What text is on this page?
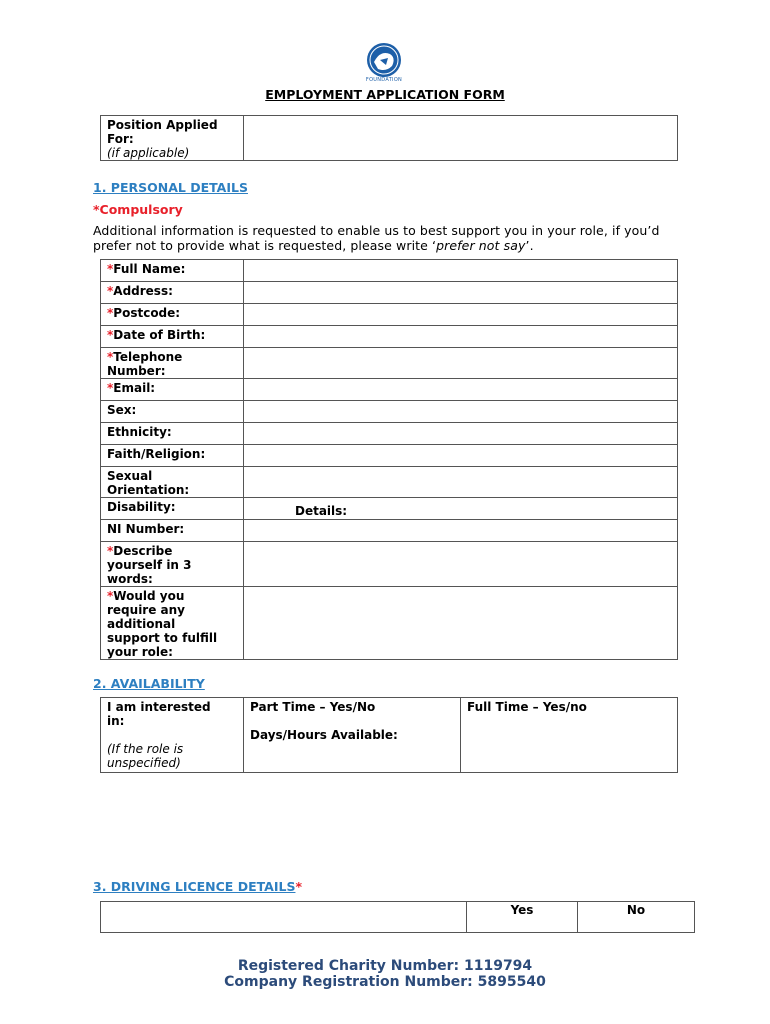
FOUNDATION
EMPLOYMENT APPLICATION FORM
Position Applied For:
(if applicable)

1. PERSONAL DETAILS
*Compulsory
Additional information is requested to enable us to best support you in your role, if you’d prefer not to provide what is requested, please write ‘prefer not say’.
*Full Name:	

*Address:	

*Postcode:	

*Date of Birth:	

*Telephone Number:	

*Email:	

Sex:	

Ethnicity:	

Faith/Religion:	

Sexual Orientation:	

Disability:	Details:

NI Number:	

*Describe yourself in 3 words:	

*Would you require any additional support to fulfill your role:	

2. AVAILABILITY
I am interested in:
(If the role is unspecified)

Part Time – Yes/No
Days/Hours Available:

Full Time – Yes/no
3. DRIVING LICENCE DETAILS*
	Yes	No
Registered Charity Number: 1119794
Company Registration Number: 5895540
